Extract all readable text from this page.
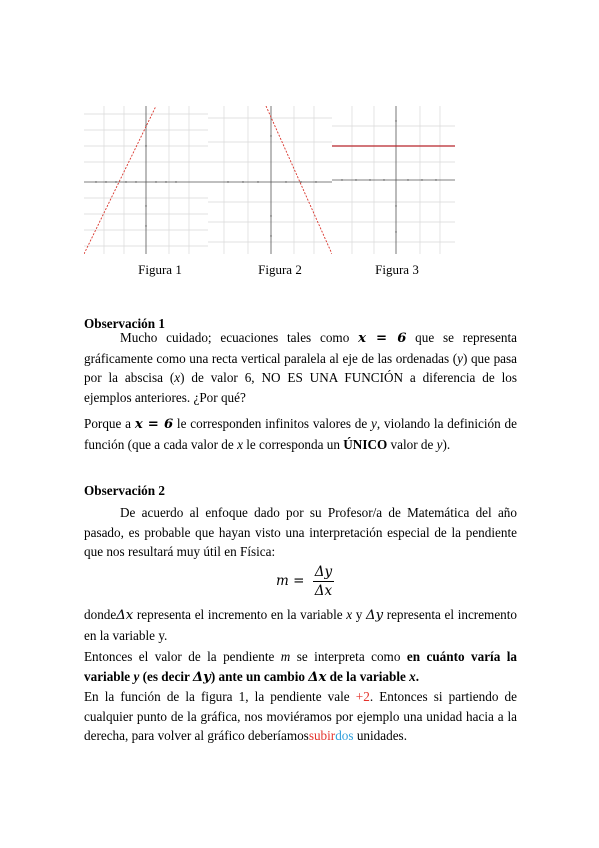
Figura 1	Figura 2	Figura 3
Observación 1

Mucho cuidado; ecuaciones tales como x = 6 que se representa gráficamente como una recta vertical paralela al eje de las ordenadas (y) que pasa por la abscisa (x) de valor 6, NO ES UNA FUNCIÓN a diferencia de los ejemplos anteriores. ¿Por qué?

Porque a x = 6 le corresponden infinitos valores de y, violando la definición de función (que a cada valor de x le corresponda un ÚNICO valor de y).

Observación 2

De acuerdo al enfoque dado por su Profesor/a de Matemática del año pasado, es probable que hayan visto una interpretación especial de la pendiente que nos resultará muy útil en Física:

$m = \frac{\Delta y}{\Delta x}$

dondeΔx representa el incremento en la variable x y Δy representa el incremento en la variable y.

Entonces el valor de la pendiente m se interpreta como en cuánto varía la variable y (es decir Δy) ante un cambio Δx de la variable x.

En la función de la figura 1, la pendiente vale +2. Entonces si partiendo de cualquier punto de la gráfica, nos moviéramos por ejemplo una unidad hacia a la derecha, para volver al gráfico deberíamossubirdos unidades.
